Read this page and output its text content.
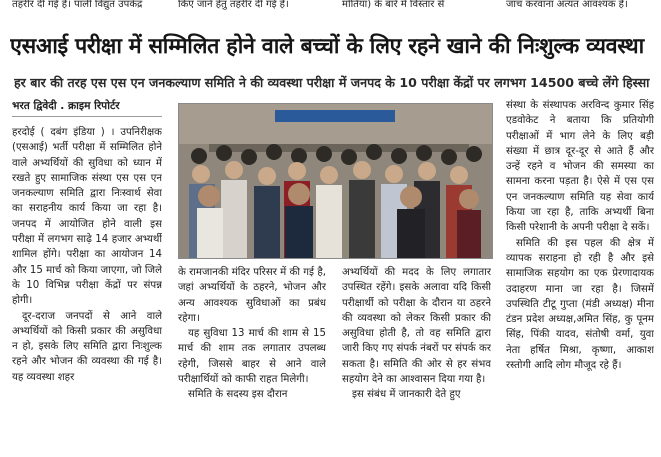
तहरीर दी गई है। पाली विद्युत उपकेंद्र	किए जाने हेतु तहरीर दी गई है।	मोतिया) के बारे में विस्तार से	जांच करवाना अत्यंत आवश्यक है।
एसआई परीक्षा में सम्मिलित होने वाले बच्चों के लिए रहने खाने की निःशुल्क व्यवस्था
हर बार की तरह एस एस एन जनकल्याण समिति ने की व्यवस्था परीक्षा में जनपद के 10 परीक्षा केंद्रों पर लगभग 14500 बच्चे लेंगे हिस्सा
भरत द्विवेदी . क्राइम रिपोर्टर

हरदोई ( दबंग इंडिया ) । उपनिरीक्षक (एसआई) भर्ती परीक्षा में सम्मिलित होने वाले अभ्यर्थियों की सुविधा को ध्यान में रखते हुए सामाजिक संस्था एस एस एन जनकल्याण समिति द्वारा निःस्वार्थ सेवा का सराहनीय कार्य किया जा रहा है। जनपद में आयोजित होने वाली इस परीक्षा में लगभग साढ़े 14 हजार अभ्यर्थी शामिल होंगे। परीक्षा का आयोजन 14 और 15 मार्च को किया जाएगा, जो जिले के 10 विभिन्न परीक्षा केंद्रों पर संपन्न होगी।

दूर-दराज जनपदों से आने वाले अभ्यर्थियों को किसी प्रकार की असुविधा न हो, इसके लिए समिति द्वारा निःशुल्क रहने और भोजन की व्यवस्था की गई है। यह व्यवस्था शहर

के रामजानकी मंदिर परिसर में की गई है, जहां अभ्यर्थियों के ठहरने, भोजन और अन्य आवश्यक सुविधाओं का प्रबंध रहेगा।

यह सुविधा 13 मार्च की शाम से 15 मार्च की शाम तक लगातार उपलब्ध रहेगी, जिससे बाहर से आने वाले परीक्षार्थियों को काफी राहत मिलेगी।

समिति के सदस्य इस दौरान

अभ्यर्थियों की मदद के लिए लगातार उपस्थित रहेंगे। इसके अलावा यदि किसी परीक्षार्थी को परीक्षा के दौरान या ठहरने की व्यवस्था को लेकर किसी प्रकार की असुविधा होती है, तो वह समिति द्वारा जारी किए गए संपर्क नंबरों पर संपर्क कर सकता है। समिति की ओर से हर संभव सहयोग देने का आश्वासन दिया गया है।

इस संबंध में जानकारी देते हुए

संस्था के संस्थापक अरविन्द कुमार सिंह एडवोकेट ने बताया कि प्रतियोगी परीक्षाओं में भाग लेने के लिए बड़ी संख्या में छात्र दूर-दूर से आते हैं और उन्हें रहने व भोजन की समस्या का सामना करना पड़ता है। ऐसे में एस एस एन जनकल्याण समिति यह सेवा कार्य किया जा रहा है, ताकि अभ्यर्थी बिना किसी परेशानी के अपनी परीक्षा दे सकें।

समिति की इस पहल की क्षेत्र में व्यापक सराहना हो रही है और इसे सामाजिक सहयोग का एक प्रेरणादायक उदाहरण माना जा रहा है। जिसमें उपस्थिति टीटू गुप्ता (मंडी अध्यक्ष) मीना टंडन प्रदेश अध्यक्ष,अमित सिंह, कु पूनम सिंह, पिंकी यादव, संतोषी वर्मा, युवा नेता हर्षित मिश्रा, कृष्णा, आकाश रस्तोगी आदि लोग मौजूद रहे हैं।
